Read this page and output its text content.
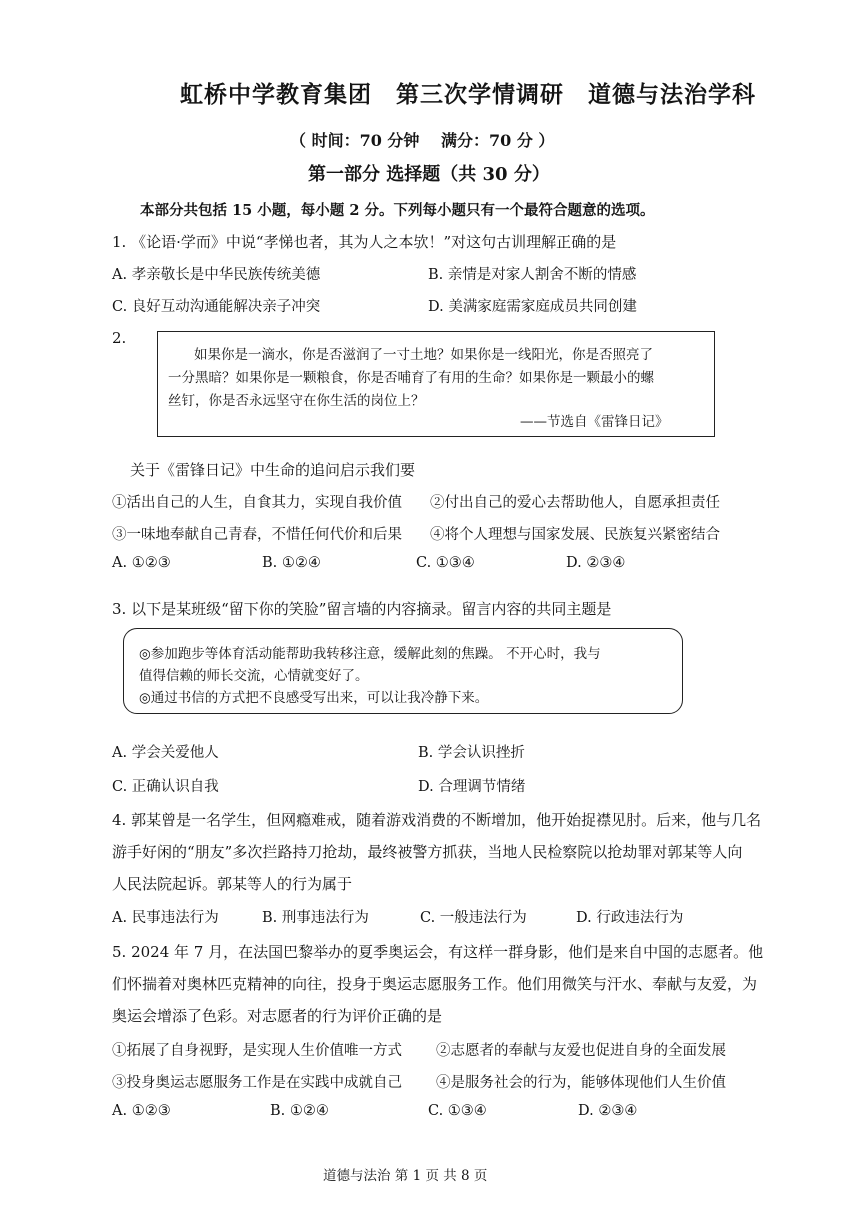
虹桥中学教育集团　第三次学情调研　道德与法治学科
（ 时间：70 分钟　 满分：70 分 ）
第一部分 选择题（共 30 分）
本部分共包括 15 小题，每小题 2 分。下列每小题只有一个最符合题意的选项。
1. 《论语·学而》中说“孝悌也者，其为人之本欤！”对这句古训理解正确的是
A. 孝亲敬长是中华民族传统美德	B. 亲情是对家人割舍不断的情感
C. 良好互动沟通能解决亲子冲突	D. 美满家庭需家庭成员共同创建
2.
如果你是一滴水，你是否滋润了一寸土地？如果你是一线阳光，你是否照亮了
一分黑暗？如果你是一颗粮食，你是否哺育了有用的生命？如果你是一颗最小的螺
丝钉，你是否永远坚守在你生活的岗位上？
——节选自《雷锋日记》
关于《雷锋日记》中生命的追问启示我们要
①活出自己的人生，自食其力，实现自我价值 ②付出自己的爱心去帮助他人，自愿承担责任
③一味地奉献自己青春，不惜任何代价和后果 ④将个人理想与国家发展、民族复兴紧密结合
A. ①②③	B. ①②④	C. ①③④	D. ②③④
3. 以下是某班级“留下你的笑脸”留言墙的内容摘录。留言内容的共同主题是
◎参加跑步等体育活动能帮助我转移注意，缓解此刻的焦躁。 不开心时，我与
值得信赖的师长交流，心情就变好了。
◎通过书信的方式把不良感受写出来，可以让我冷静下来。
A. 学会关爱他人	B. 学会认识挫折
C. 正确认识自我	D. 合理调节情绪
4. 郭某曾是一名学生，但网瘾难戒，随着游戏消费的不断增加，他开始捉襟见肘。后来，他与几名
游手好闲的“朋友”多次拦路持刀抢劫，最终被警方抓获，当地人民检察院以抢劫罪对郭某等人向
人民法院起诉。郭某等人的行为属于
A. 民事违法行为	B. 刑事违法行为	C. 一般违法行为	D. 行政违法行为
5. 2024 年 7 月，在法国巴黎举办的夏季奥运会，有这样一群身影，他们是来自中国的志愿者。他
们怀揣着对奥林匹克精神的向往，投身于奥运志愿服务工作。他们用微笑与汗水、奉献与友爱，为
奥运会增添了色彩。对志愿者的行为评价正确的是
①拓展了自身视野，是实现人生价值唯一方式 ②志愿者的奉献与友爱也促进自身的全面发展
③投身奥运志愿服务工作是在实践中成就自己 ④是服务社会的行为，能够体现他们人生价值
A. ①②③	B. ①②④	C. ①③④	D. ②③④
道德与法治 第 1 页 共 8 页
